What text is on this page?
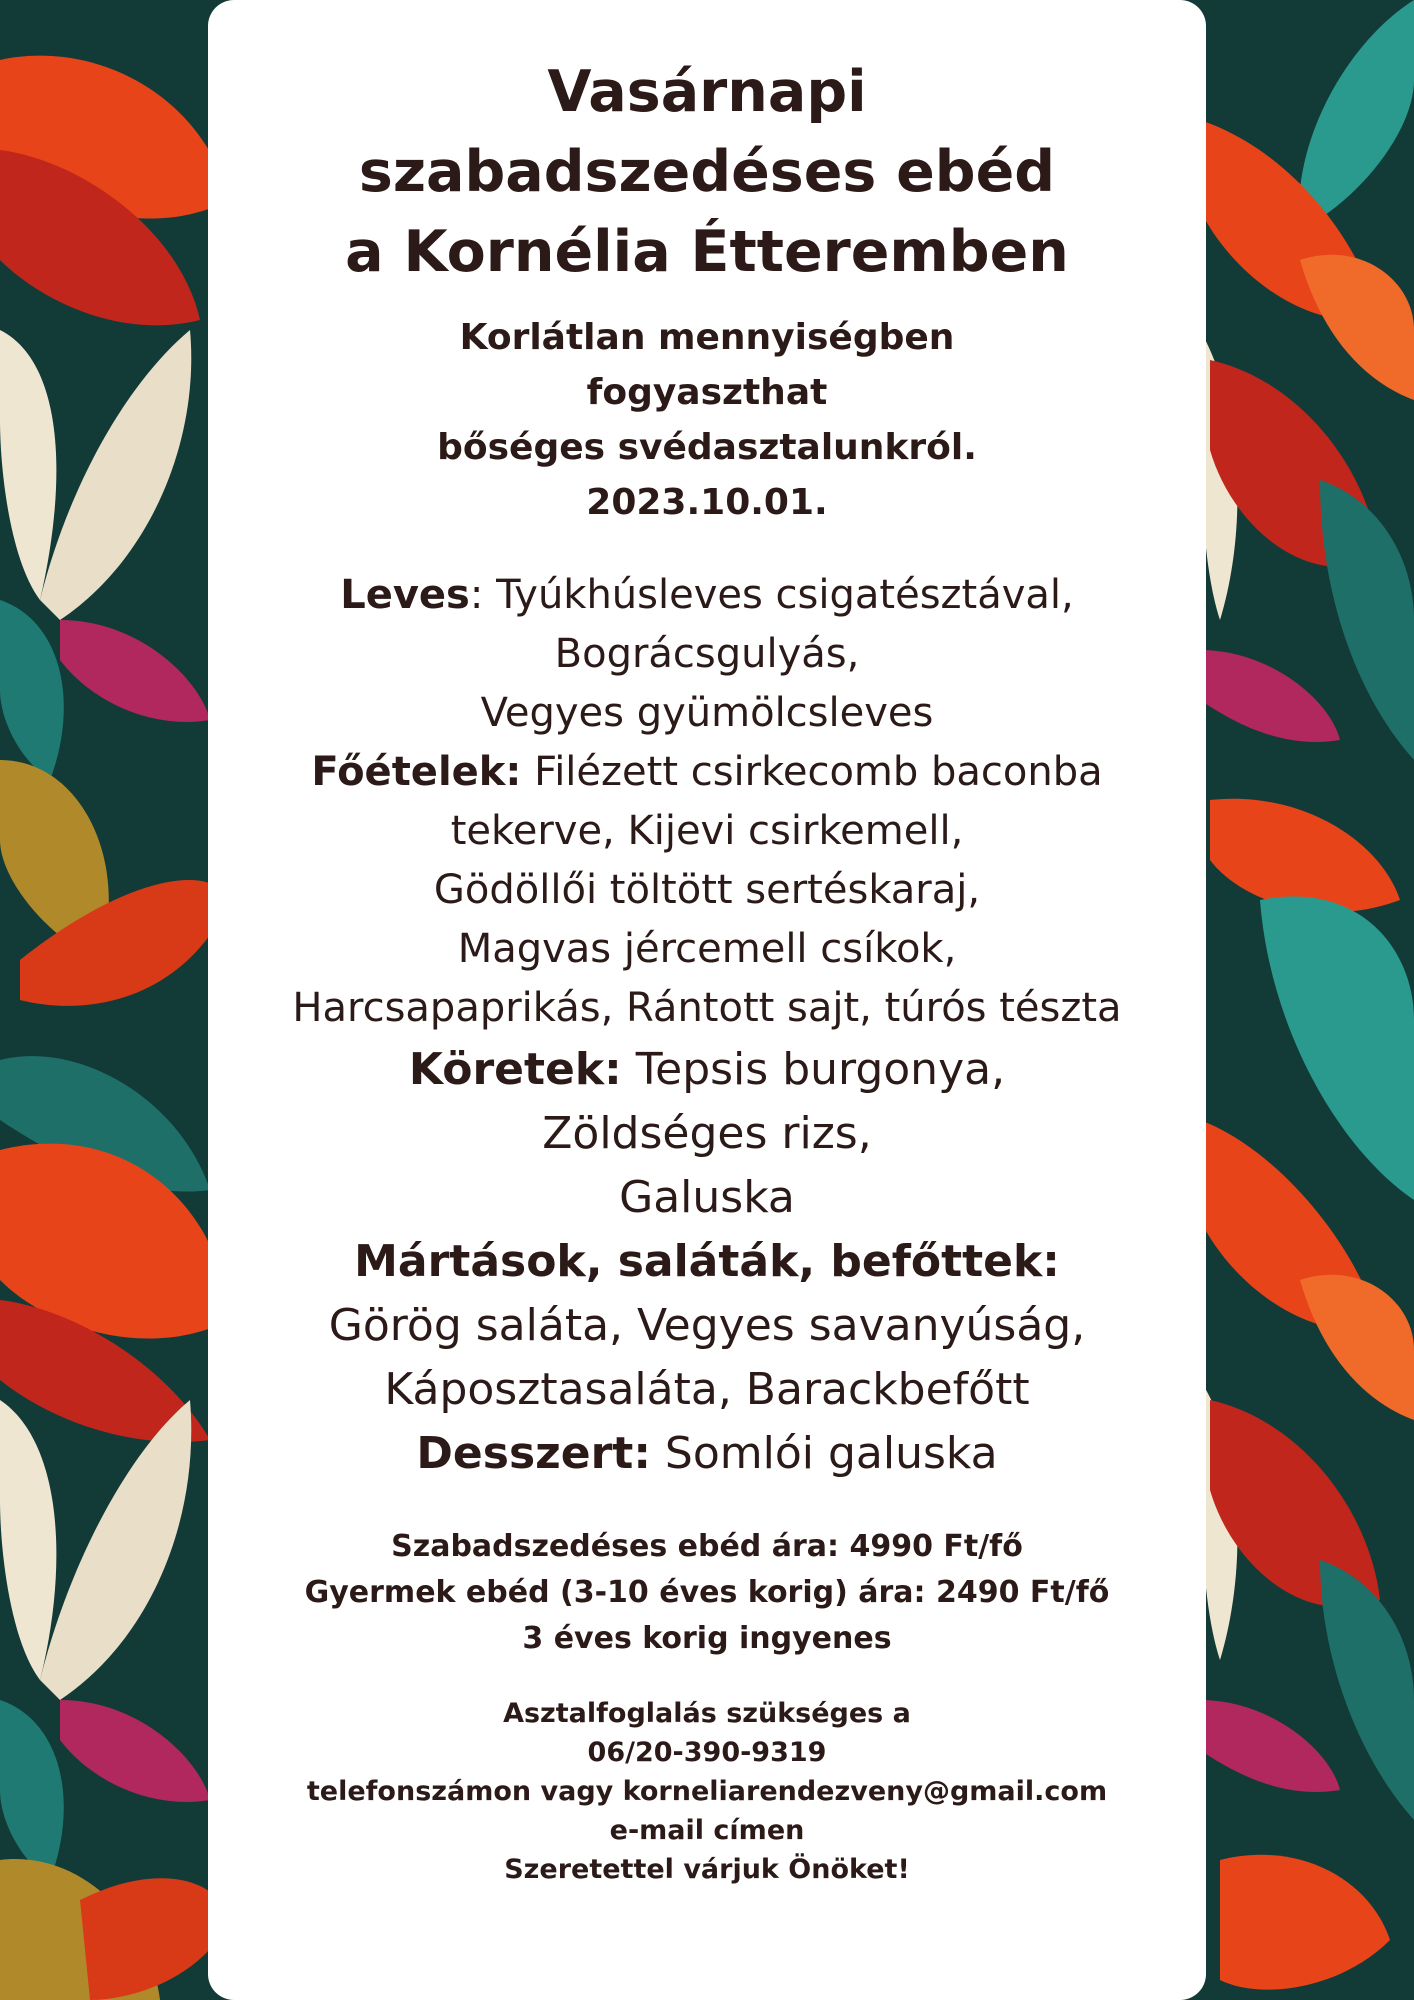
Vasárnapi
szabadszedéses ebéd
a Kornélia Étteremben
Korlátlan mennyiségben
fogyaszthat
bőséges svédasztalunkról.
2023.10.01.
Leves: Tyúkhúsleves csigatésztával,
Bográcsgulyás,
Vegyes gyümölcsleves
Főételek: Filézett csirkecomb baconba
tekerve, Kijevi csirkemell,
Gödöllői töltött sertéskaraj,
Magvas jércemell csíkok,
Harcsapaprikás, Rántott sajt, túrós tészta
Köretek: Tepsis burgonya,
Zöldséges rizs,
Galuska
Mártások, saláták, befőttek:
Görög saláta, Vegyes savanyúság,
Káposztasaláta, Barackbefőtt
Desszert: Somlói galuska
Szabadszedéses ebéd ára: 4990 Ft/fő
Gyermek ebéd (3-10 éves korig) ára: 2490 Ft/fő
3 éves korig ingyenes
Asztalfoglalás szükséges a
06/20-390-9319
telefonszámon vagy korneliarendezveny@gmail.com
e-mail címen
Szeretettel várjuk Önöket!
